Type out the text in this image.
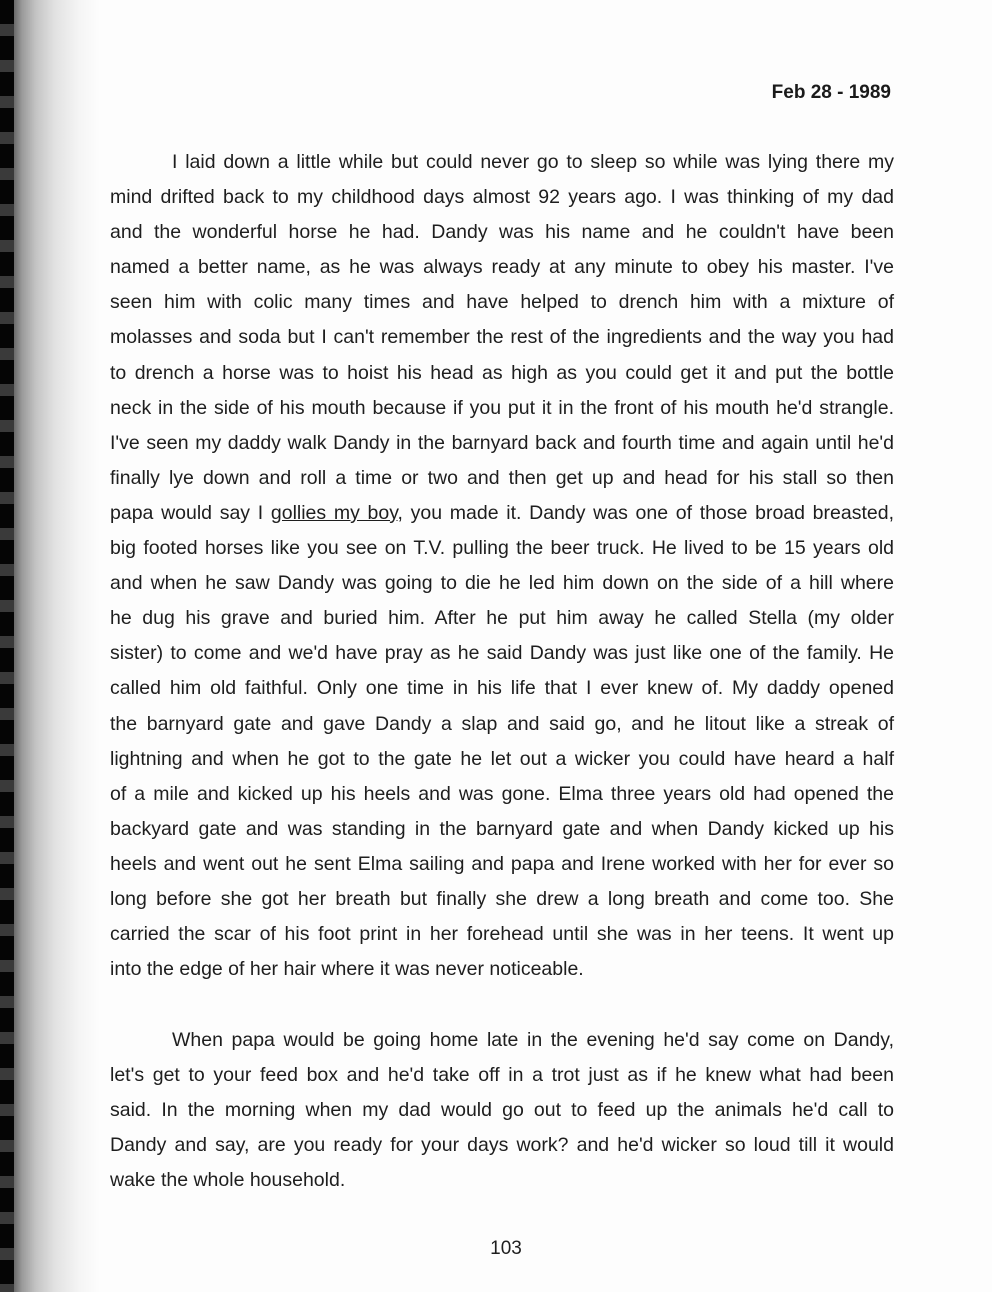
Feb 28 - 1989
I laid down a little while but could never go to sleep so while was lying there my
mind drifted back to my childhood days almost 92 years ago. I was thinking of my dad
and the wonderful horse he had. Dandy was his name and he couldn't have been
named a better name, as he was always ready at any minute to obey his master. I've
seen him with colic many times and have helped to drench him with a mixture of
molasses and soda but I can't remember the rest of the ingredients and the way you had
to drench a horse was to hoist his head as high as you could get it and put the bottle
neck in the side of his mouth because if you put it in the front of his mouth he'd strangle.
I've seen my daddy walk Dandy in the barnyard back and fourth time and again until he'd
finally lye down and roll a time or two and then get up and head for his stall so then
papa would say I gollies my boy, you made it. Dandy was one of those broad breasted,
big footed horses like you see on T.V. pulling the beer truck. He lived to be 15 years old
and when he saw Dandy was going to die he led him down on the side of a hill where
he dug his grave and buried him. After he put him away he called Stella (my older
sister) to come and we'd have pray as he said Dandy was just like one of the family. He
called him old faithful. Only one time in his life that I ever knew of. My daddy opened
the barnyard gate and gave Dandy a slap and said go, and he litout like a streak of
lightning and when he got to the gate he let out a wicker you could have heard a half
of a mile and kicked up his heels and was gone. Elma three years old had opened the
backyard gate and was standing in the barnyard gate and when Dandy kicked up his
heels and went out he sent Elma sailing and papa and Irene worked with her for ever so
long before she got her breath but finally she drew a long breath and come too. She
carried the scar of his foot print in her forehead until she was in her teens. It went up
into the edge of her hair where it was never noticeable.
When papa would be going home late in the evening he'd say come on Dandy,
let's get to your feed box and he'd take off in a trot just as if he knew what had been
said. In the morning when my dad would go out to feed up the animals he'd call to
Dandy and say, are you ready for your days work? and he'd wicker so loud till it would
wake the whole household.
103
